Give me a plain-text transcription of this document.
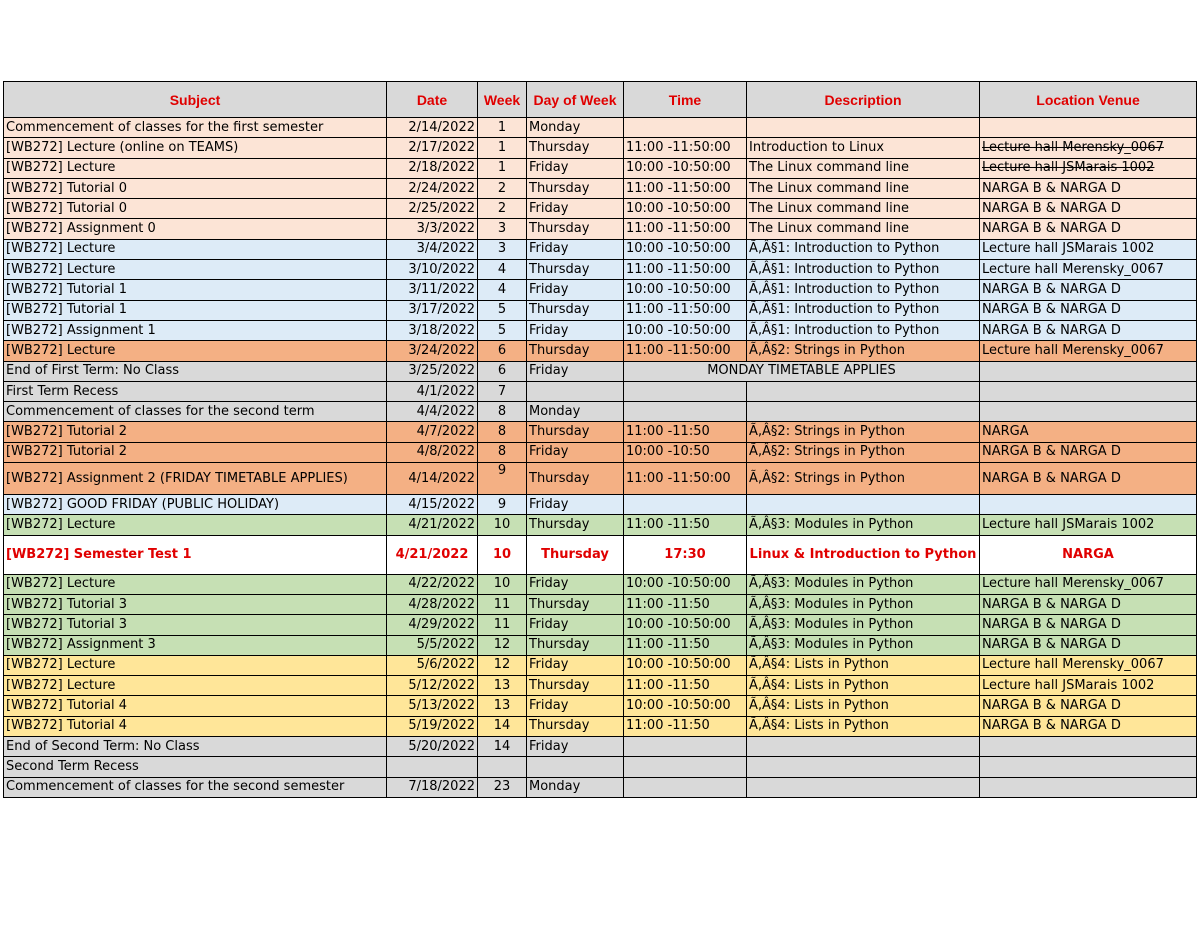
Subject	Date	Week	Day of Week	Time	Description	Location Venue
Commencement of classes for the first semester	2/14/2022	1	Monday			
[WB272] Lecture (online on TEAMS)	2/17/2022	1	Thursday	11:00 -11:50:00	Introduction to Linux	Lecture hall Merensky_0067
[WB272] Lecture	2/18/2022	1	Friday	10:00 -10:50:00	The Linux command line	Lecture hall JSMarais 1002
[WB272] Tutorial 0	2/24/2022	2	Thursday	11:00 -11:50:00	The Linux command line	NARGA B & NARGA D
[WB272] Tutorial 0	2/25/2022	2	Friday	10:00 -10:50:00	The Linux command line	NARGA B & NARGA D
[WB272] Assignment 0	3/3/2022	3	Thursday	11:00 -11:50:00	The Linux command line	NARGA B & NARGA D
[WB272] Lecture	3/4/2022	3	Friday	10:00 -10:50:00	Ã‚Â§1: Introduction to Python	Lecture hall JSMarais 1002
[WB272] Lecture	3/10/2022	4	Thursday	11:00 -11:50:00	Ã‚Â§1: Introduction to Python	Lecture hall Merensky_0067
[WB272] Tutorial 1	3/11/2022	4	Friday	10:00 -10:50:00	Ã‚Â§1: Introduction to Python	NARGA B & NARGA D
[WB272] Tutorial 1	3/17/2022	5	Thursday	11:00 -11:50:00	Ã‚Â§1: Introduction to Python	NARGA B & NARGA D
[WB272] Assignment 1	3/18/2022	5	Friday	10:00 -10:50:00	Ã‚Â§1: Introduction to Python	NARGA B & NARGA D
[WB272] Lecture	3/24/2022	6	Thursday	11:00 -11:50:00	Ã‚Â§2: Strings in Python	Lecture hall Merensky_0067
End of First Term: No Class	3/25/2022	6	Friday	MONDAY TIMETABLE APPLIES		
First Term Recess	4/1/2022	7				
Commencement of classes for the second term	4/4/2022	8	Monday			
[WB272] Tutorial 2	4/7/2022	8	Thursday	11:00 -11:50	Ã‚Â§2: Strings in Python	NARGA
[WB272] Tutorial 2	4/8/2022	8	Friday	10:00 -10:50	Ã‚Â§2: Strings in Python	NARGA B & NARGA D
[WB272] Assignment 2 (FRIDAY TIMETABLE APPLIES)	4/14/2022	9	Thursday	11:00 -11:50:00	Ã‚Â§2: Strings in Python	NARGA B & NARGA D
[WB272] GOOD FRIDAY (PUBLIC HOLIDAY)	4/15/2022	9	Friday			
[WB272] Lecture	4/21/2022	10	Thursday	11:00 -11:50	Ã‚Â§3: Modules in Python	Lecture hall JSMarais 1002
[WB272] Semester Test 1	4/21/2022	10	Thursday	17:30	Linux & Introduction to Python	NARGA
[WB272] Lecture	4/22/2022	10	Friday	10:00 -10:50:00	Ã‚Â§3: Modules in Python	Lecture hall Merensky_0067
[WB272] Tutorial 3	4/28/2022	11	Thursday	11:00 -11:50	Ã‚Â§3: Modules in Python	NARGA B & NARGA D
[WB272] Tutorial 3	4/29/2022	11	Friday	10:00 -10:50:00	Ã‚Â§3: Modules in Python	NARGA B & NARGA D
[WB272] Assignment 3	5/5/2022	12	Thursday	11:00 -11:50	Ã‚Â§3: Modules in Python	NARGA B & NARGA D
[WB272] Lecture	5/6/2022	12	Friday	10:00 -10:50:00	Ã‚Â§4: Lists in Python	Lecture hall Merensky_0067
[WB272] Lecture	5/12/2022	13	Thursday	11:00 -11:50	Ã‚Â§4: Lists in Python	Lecture hall JSMarais 1002
[WB272] Tutorial 4	5/13/2022	13	Friday	10:00 -10:50:00	Ã‚Â§4: Lists in Python	NARGA B & NARGA D
[WB272] Tutorial 4	5/19/2022	14	Thursday	11:00 -11:50	Ã‚Â§4: Lists in Python	NARGA B & NARGA D
End of Second Term: No Class	5/20/2022	14	Friday			
Second Term Recess						
Commencement of classes for the second semester	7/18/2022	23	Monday			
